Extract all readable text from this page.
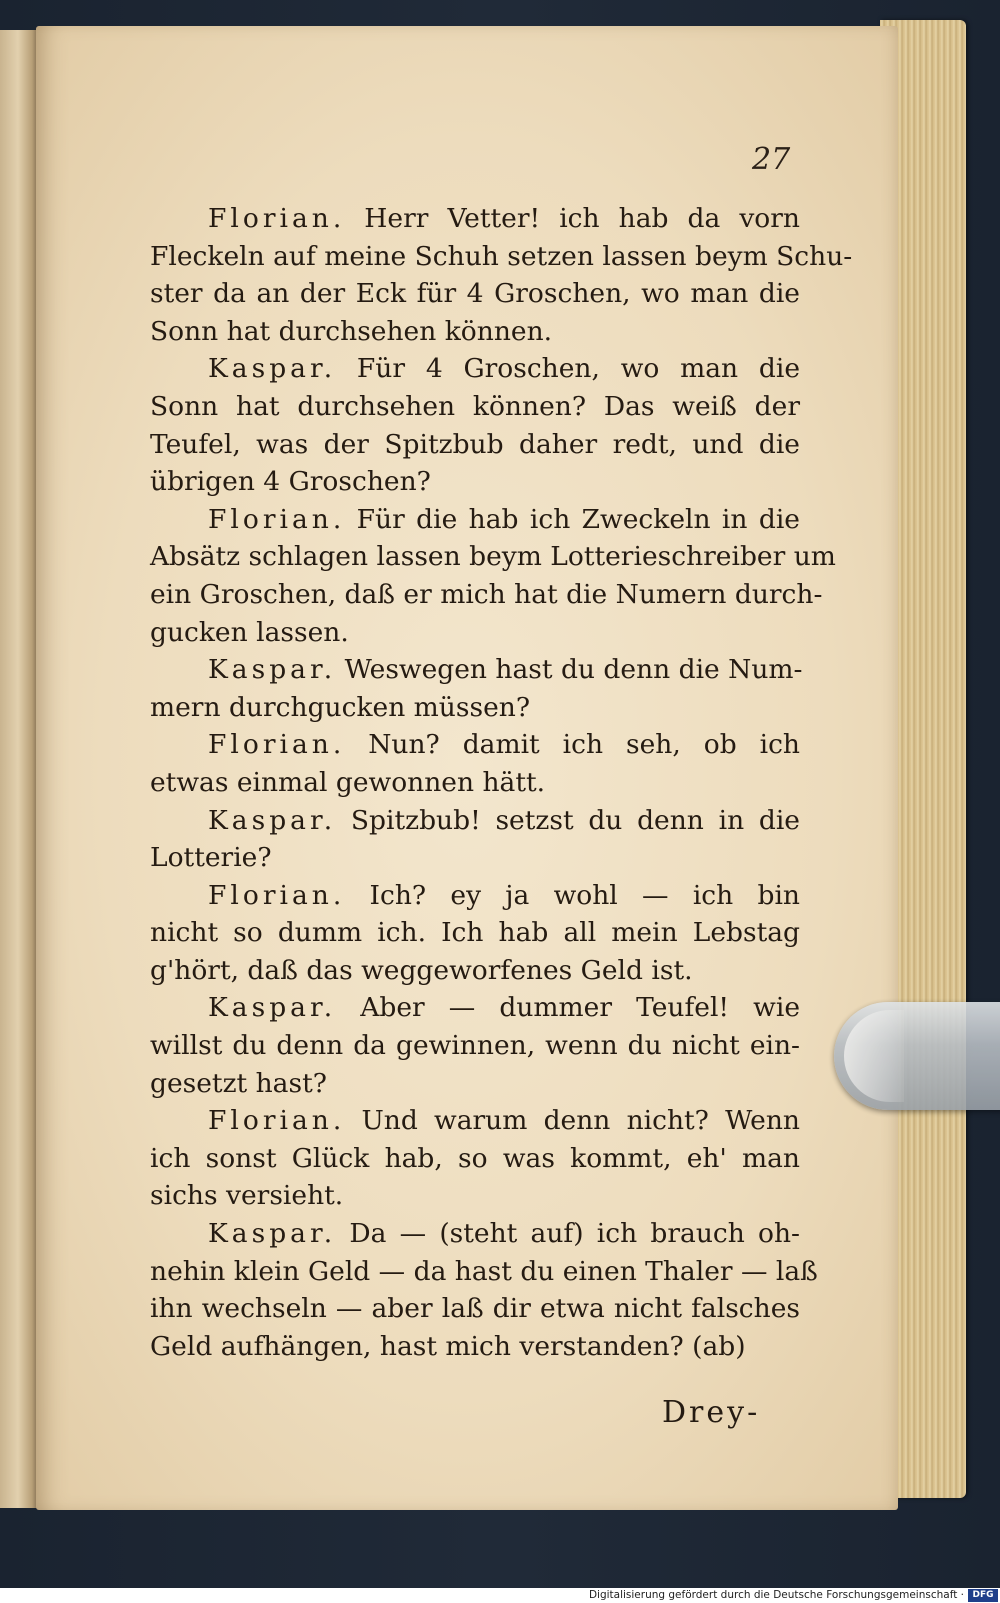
27
Florian. Herr Vetter! ich hab da vorn
Fleckeln auf meine Schuh setzen lassen beym Schu-
ster da an der Eck für 4 Groschen, wo man die
Sonn hat durchsehen können.
Kaspar. Für 4 Groschen, wo man die
Sonn hat durchsehen können? Das weiß der
Teufel, was der Spitzbub daher redt, und die
übrigen 4 Groschen?
Florian. Für die hab ich Zweckeln in die
Absätz schlagen lassen beym Lotterieschreiber um
ein Groschen, daß er mich hat die Numern durch-
gucken lassen.
Kaspar. Weswegen hast du denn die Num-
mern durchgucken müssen?
Florian. Nun? damit ich seh, ob ich
etwas einmal gewonnen hätt.
Kaspar. Spitzbub! setzst du denn in die
Lotterie?
Florian. Ich? ey ja wohl — ich bin
nicht so dumm ich. Ich hab all mein Lebstag
g'hört, daß das weggeworfenes Geld ist.
Kaspar. Aber — dummer Teufel! wie
willst du denn da gewinnen, wenn du nicht ein-
gesetzt hast?
Florian. Und warum denn nicht? Wenn
ich sonst Glück hab, so was kommt, eh' man
sichs versieht.
Kaspar. Da — (steht auf) ich brauch oh-
nehin klein Geld — da hast du einen Thaler — laß
ihn wechseln — aber laß dir etwa nicht falsches
Geld aufhängen, hast mich verstanden? (ab)
Drey-
Digitalisierung gefördert durch die Deutsche Forschungsgemeinschaft · DFG
